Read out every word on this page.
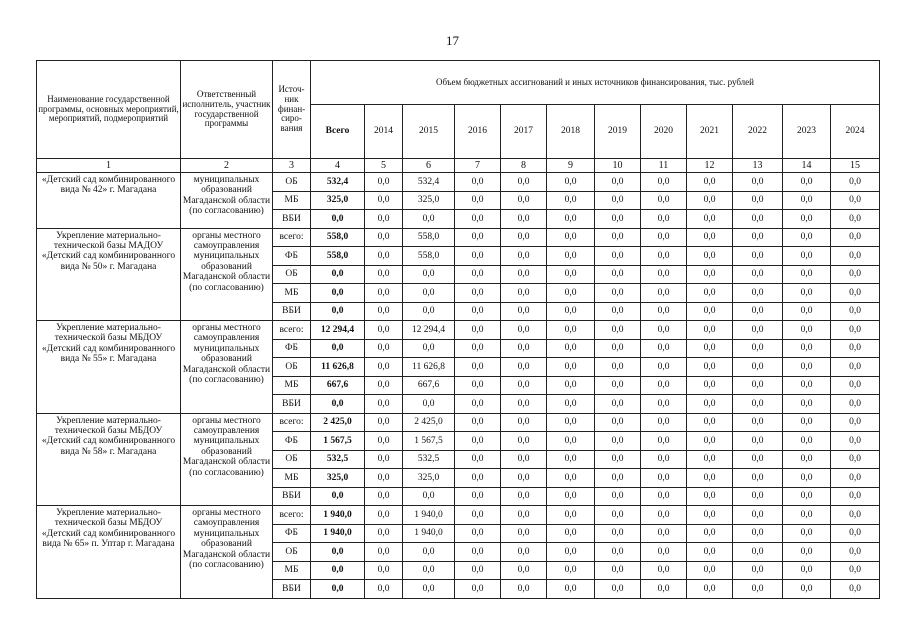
17
Наименование государственной программы, основных мероприятий, мероприятий, подмероприятий	Ответственный исполнитель, участник государственной программы	Источ-ник финан-сиро-вания	Объем бюджетных ассигнований и иных источников финансирования, тыс. рублей											
			Всего	2014	2015	2016	2017	2018	2019	2020	2021	2022	2023	2024
1	2	3	4	5	6	7	8	9	10	11	12	13	14	15
«Детский сад комбинированного вида № 42» г. Магадана	муниципальных образований Магаданской области (по согласованию)	ОБ	532,4	0,0	532,4	0,0	0,0	0,0	0,0	0,0	0,0	0,0	0,0	0,0
		МБ	325,0	0,0	325,0	0,0	0,0	0,0	0,0	0,0	0,0	0,0	0,0	0,0
		ВБИ	0,0	0,0	0,0	0,0	0,0	0,0	0,0	0,0	0,0	0,0	0,0	0,0
Укрепление материально-технической базы МАДОУ «Детский сад комбинированного вида № 50» г. Магадана	органы местного самоуправления муниципальных образований Магаданской области (по согласованию)	всего:	558,0	0,0	558,0	0,0	0,0	0,0	0,0	0,0	0,0	0,0	0,0	0,0
		ФБ	558,0	0,0	558,0	0,0	0,0	0,0	0,0	0,0	0,0	0,0	0,0	0,0
		ОБ	0,0	0,0	0,0	0,0	0,0	0,0	0,0	0,0	0,0	0,0	0,0	0,0
		МБ	0,0	0,0	0,0	0,0	0,0	0,0	0,0	0,0	0,0	0,0	0,0	0,0
		ВБИ	0,0	0,0	0,0	0,0	0,0	0,0	0,0	0,0	0,0	0,0	0,0	0,0
Укрепление материально-технической базы МБДОУ «Детский сад комбинированного вида № 55» г. Магадана	органы местного самоуправления муниципальных образований Магаданской области (по согласованию)	всего:	12 294,4	0,0	12 294,4	0,0	0,0	0,0	0,0	0,0	0,0	0,0	0,0	0,0
		ФБ	0,0	0,0	0,0	0,0	0,0	0,0	0,0	0,0	0,0	0,0	0,0	0,0
		ОБ	11 626,8	0,0	11 626,8	0,0	0,0	0,0	0,0	0,0	0,0	0,0	0,0	0,0
		МБ	667,6	0,0	667,6	0,0	0,0	0,0	0,0	0,0	0,0	0,0	0,0	0,0
		ВБИ	0,0	0,0	0,0	0,0	0,0	0,0	0,0	0,0	0,0	0,0	0,0	0,0
Укрепление материально-технической базы МБДОУ «Детский сад комбинированного вида № 58» г. Магадана	органы местного самоуправления муниципальных образований Магаданской области (по согласованию)	всего:	2 425,0	0,0	2 425,0	0,0	0,0	0,0	0,0	0,0	0,0	0,0	0,0	0,0
		ФБ	1 567,5	0,0	1 567,5	0,0	0,0	0,0	0,0	0,0	0,0	0,0	0,0	0,0
		ОБ	532,5	0,0	532,5	0,0	0,0	0,0	0,0	0,0	0,0	0,0	0,0	0,0
		МБ	325,0	0,0	325,0	0,0	0,0	0,0	0,0	0,0	0,0	0,0	0,0	0,0
		ВБИ	0,0	0,0	0,0	0,0	0,0	0,0	0,0	0,0	0,0	0,0	0,0	0,0
Укрепление материально-технической базы МБДОУ «Детский сад комбинированного вида № 65» п. Уптар г. Магадана	органы местного самоуправления муниципальных образований Магаданской области (по согласованию)	всего:	1 940,0	0,0	1 940,0	0,0	0,0	0,0	0,0	0,0	0,0	0,0	0,0	0,0
		ФБ	1 940,0	0,0	1 940,0	0,0	0,0	0,0	0,0	0,0	0,0	0,0	0,0	0,0
		ОБ	0,0	0,0	0,0	0,0	0,0	0,0	0,0	0,0	0,0	0,0	0,0	0,0
		МБ	0,0	0,0	0,0	0,0	0,0	0,0	0,0	0,0	0,0	0,0	0,0	0,0
		ВБИ	0,0	0,0	0,0	0,0	0,0	0,0	0,0	0,0	0,0	0,0	0,0	0,0
